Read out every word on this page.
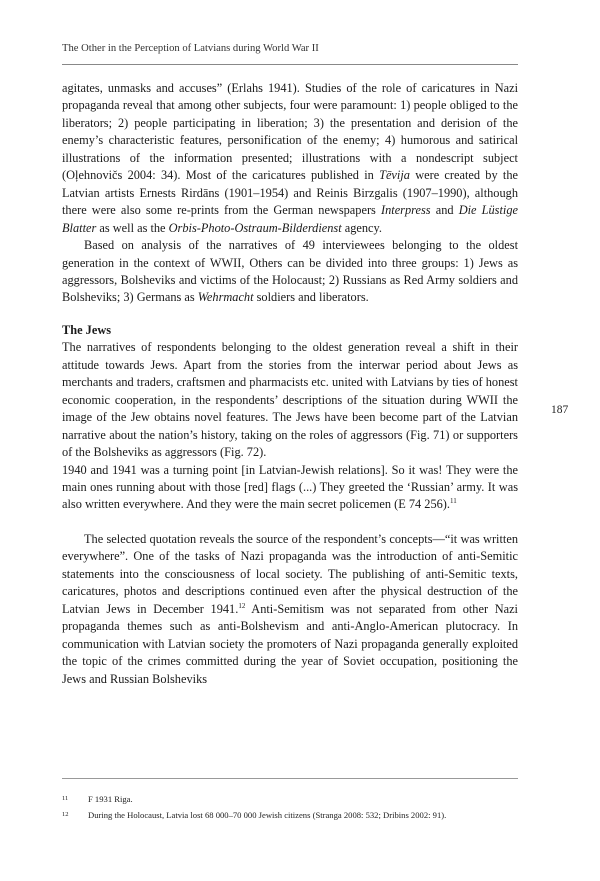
The Other in the Perception of Latvians during World War II

agitates, unmasks and accuses” (Erlahs 1941). Studies of the role of caricatures in Nazi propaganda reveal that among other subjects, four were paramount: 1) people obliged to the liberators; 2) people participating in liberation; 3) the presentation and derision of the enemy’s characteristic features, personification of the enemy; 4) humorous and satirical illustrations of the information presented; illustrations with a nondescript subject (Oļehnovičs 2004: 34). Most of the caricatures published in Tēvija were created by the Latvian artists Ernests Rirdāns (1901–1954) and Reinis Birzgalis (1907–1990), although there were also some re-prints from the German newspapers Interpress and Die Lüstige Blatter as well as the Orbis-Photo-Ostraum-Bilderdienst agency.

Based on analysis of the narratives of 49 interviewees belonging to the oldest generation in the context of WWII, Others can be divided into three groups: 1) Jews as aggressors, Bolsheviks and victims of the Holocaust; 2) Russians as Red Army soldiers and Bolsheviks; 3) Germans as Wehrmacht soldiers and liberators.

The Jews

The narratives of respondents belonging to the oldest generation reveal a shift in their attitude towards Jews. Apart from the stories from the interwar period about Jews as merchants and traders, craftsmen and pharmacists etc. united with Latvians by ties of honest economic cooperation, in the respondents’ descriptions of the situation during WWII the image of the Jew obtains novel features. The Jews have been become part of the Latvian narrative about the nation’s history, taking on the roles of aggressors (Fig. 71) or supporters of the Bolsheviks as aggressors (Fig. 72).

1940 and 1941 was a turning point [in Latvian-Jewish relations]. So it was! They were the main ones running about with those [red] flags (...) They greeted the ‘Russian’ army. It was also written everywhere. And they were the main secret policemen (E 74 256).$^{11}$

The selected quotation reveals the source of the respondent’s concepts—“it was written everywhere”. One of the tasks of Nazi propaganda was the introduction of anti-Semitic statements into the consciousness of local society. The publishing of anti-Semitic texts, caricatures, photos and descriptions continued even after the physical destruction of the Latvian Jews in December 1941.12 Anti-Semitism was not separated from other Nazi propaganda themes such as anti-Bolshevism and anti-Anglo-American plutocracy. In communication with Latvian society the promoters of Nazi propaganda generally exploited the topic of the crimes committed during the year of Soviet occupation, positioning the Jews and Russian Bolsheviks

187
11 F 1931 Riga.
12 During the Holocaust, Latvia lost 68 000–70 000 Jewish citizens (Stranga 2008: 532; Dribins 2002: 91).
